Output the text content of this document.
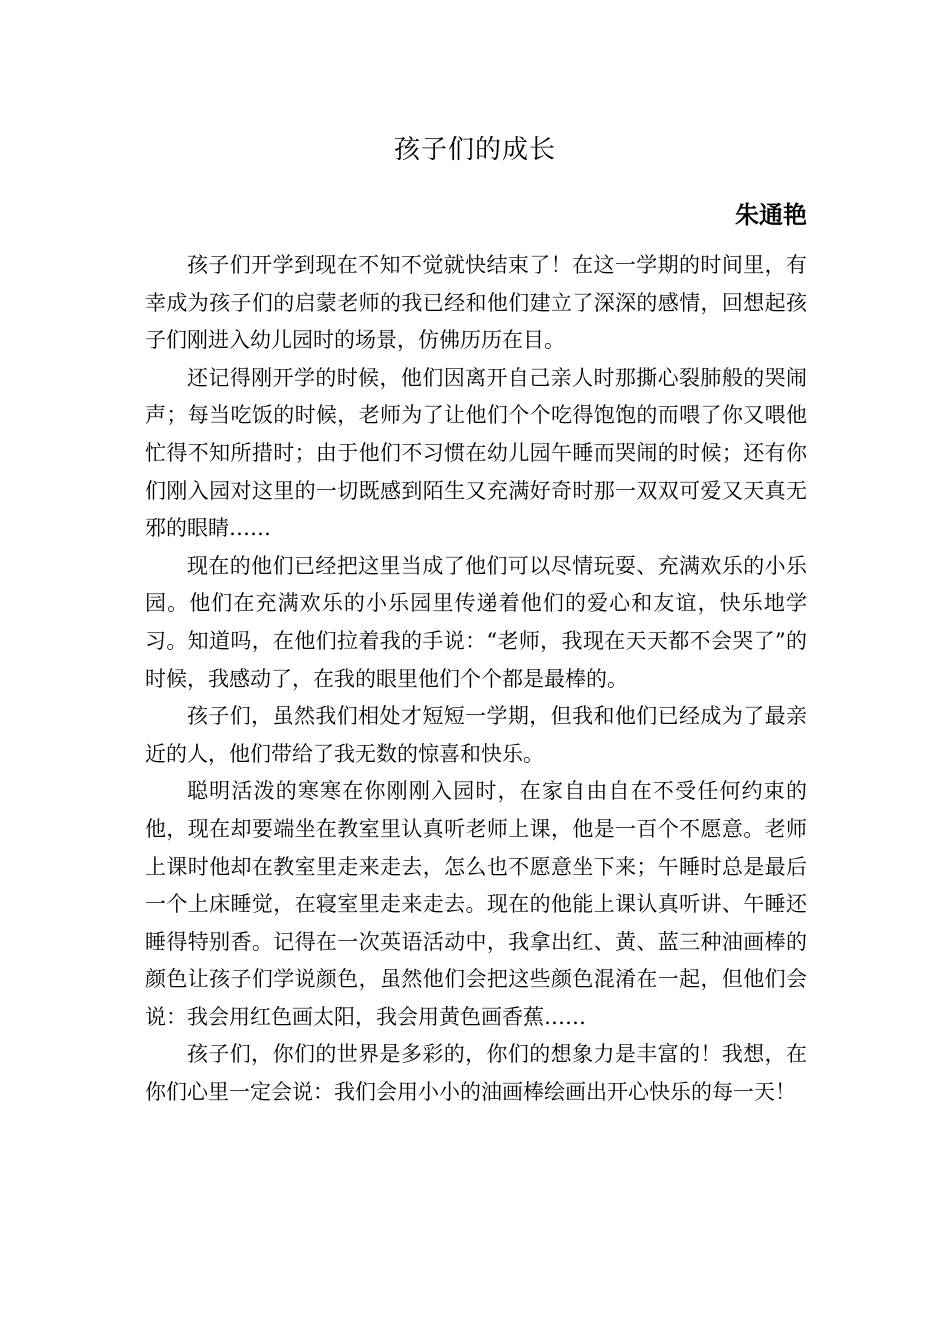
孩子们的成长
朱通艳

孩子们开学到现在不知不觉就快结束了！在这一学期的时间里，有幸成为孩子们的启蒙老师的我已经和他们建立了深深的感情，回想起孩子们刚进入幼儿园时的场景，仿佛历历在目。

还记得刚开学的时候，他们因离开自己亲人时那撕心裂肺般的哭闹声；每当吃饭的时候，老师为了让他们个个吃得饱饱的而喂了你又喂他忙得不知所措时；由于他们不习惯在幼儿园午睡而哭闹的时候；还有你们刚入园对这里的一切既感到陌生又充满好奇时那一双双可爱又天真无邪的眼睛……

现在的他们已经把这里当成了他们可以尽情玩耍、充满欢乐的小乐园。他们在充满欢乐的小乐园里传递着他们的爱心和友谊，快乐地学习。知道吗，在他们拉着我的手说：“老师，我现在天天都不会哭了”的时候，我感动了，在我的眼里他们个个都是最棒的。

孩子们，虽然我们相处才短短一学期，但我和他们已经成为了最亲近的人，他们带给了我无数的惊喜和快乐。

聪明活泼的寒寒在你刚刚入园时，在家自由自在不受任何约束的他，现在却要端坐在教室里认真听老师上课，他是一百个不愿意。老师上课时他却在教室里走来走去，怎么也不愿意坐下来；午睡时总是最后一个上床睡觉，在寝室里走来走去。现在的他能上课认真听讲、午睡还睡得特别香。记得在一次英语活动中，我拿出红、黄、蓝三种油画棒的颜色让孩子们学说颜色，虽然他们会把这些颜色混淆在一起，但他们会说：我会用红色画太阳，我会用黄色画香蕉……

孩子们，你们的世界是多彩的，你们的想象力是丰富的！我想，在你们心里一定会说：我们会用小小的油画棒绘画出开心快乐的每一天！
